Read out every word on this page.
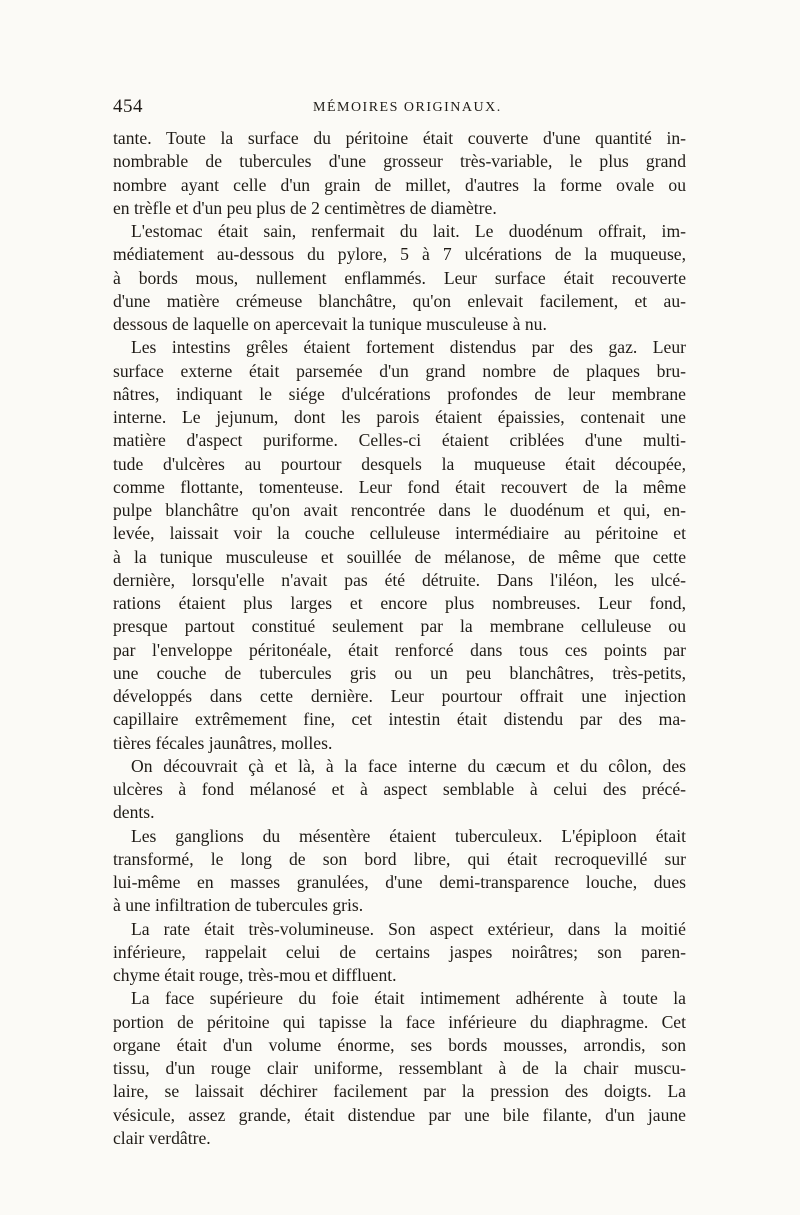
454	MÉMOIRES ORIGINAUX.
tante. Toute la surface du péritoine était couverte d'une quantité in-
nombrable de tubercules d'une grosseur très-variable, le plus grand
nombre ayant celle d'un grain de millet, d'autres la forme ovale ou
en trèfle et d'un peu plus de 2 centimètres de diamètre.
L'estomac était sain, renfermait du lait. Le duodénum offrait, im-
médiatement au-dessous du pylore, 5 à 7 ulcérations de la muqueuse,
à bords mous, nullement enflammés. Leur surface était recouverte
d'une matière crémeuse blanchâtre, qu'on enlevait facilement, et au-
dessous de laquelle on apercevait la tunique musculeuse à nu.
Les intestins grêles étaient fortement distendus par des gaz. Leur
surface externe était parsemée d'un grand nombre de plaques bru-
nâtres, indiquant le siége d'ulcérations profondes de leur membrane
interne. Le jejunum, dont les parois étaient épaissies, contenait une
matière d'aspect puriforme. Celles-ci étaient criblées d'une multi-
tude d'ulcères au pourtour desquels la muqueuse était découpée,
comme flottante, tomenteuse. Leur fond était recouvert de la même
pulpe blanchâtre qu'on avait rencontrée dans le duodénum et qui, en-
levée, laissait voir la couche celluleuse intermédiaire au péritoine et
à la tunique musculeuse et souillée de mélanose, de même que cette
dernière, lorsqu'elle n'avait pas été détruite. Dans l'iléon, les ulcé-
rations étaient plus larges et encore plus nombreuses. Leur fond,
presque partout constitué seulement par la membrane celluleuse ou
par l'enveloppe péritonéale, était renforcé dans tous ces points par
une couche de tubercules gris ou un peu blanchâtres, très-petits,
développés dans cette dernière. Leur pourtour offrait une injection
capillaire extrêmement fine, cet intestin était distendu par des ma-
tières fécales jaunâtres, molles.
On découvrait çà et là, à la face interne du cæcum et du côlon, des
ulcères à fond mélanosé et à aspect semblable à celui des précé-
dents.
Les ganglions du mésentère étaient tuberculeux. L'épiploon était
transformé, le long de son bord libre, qui était recroquevillé sur
lui-même en masses granulées, d'une demi-transparence louche, dues
à une infiltration de tubercules gris.
La rate était très-volumineuse. Son aspect extérieur, dans la moitié
inférieure, rappelait celui de certains jaspes noirâtres; son paren-
chyme était rouge, très-mou et diffluent.
La face supérieure du foie était intimement adhérente à toute la
portion de péritoine qui tapisse la face inférieure du diaphragme. Cet
organe était d'un volume énorme, ses bords mousses, arrondis, son
tissu, d'un rouge clair uniforme, ressemblant à de la chair muscu-
laire, se laissait déchirer facilement par la pression des doigts. La
vésicule, assez grande, était distendue par une bile filante, d'un jaune
clair verdâtre.
